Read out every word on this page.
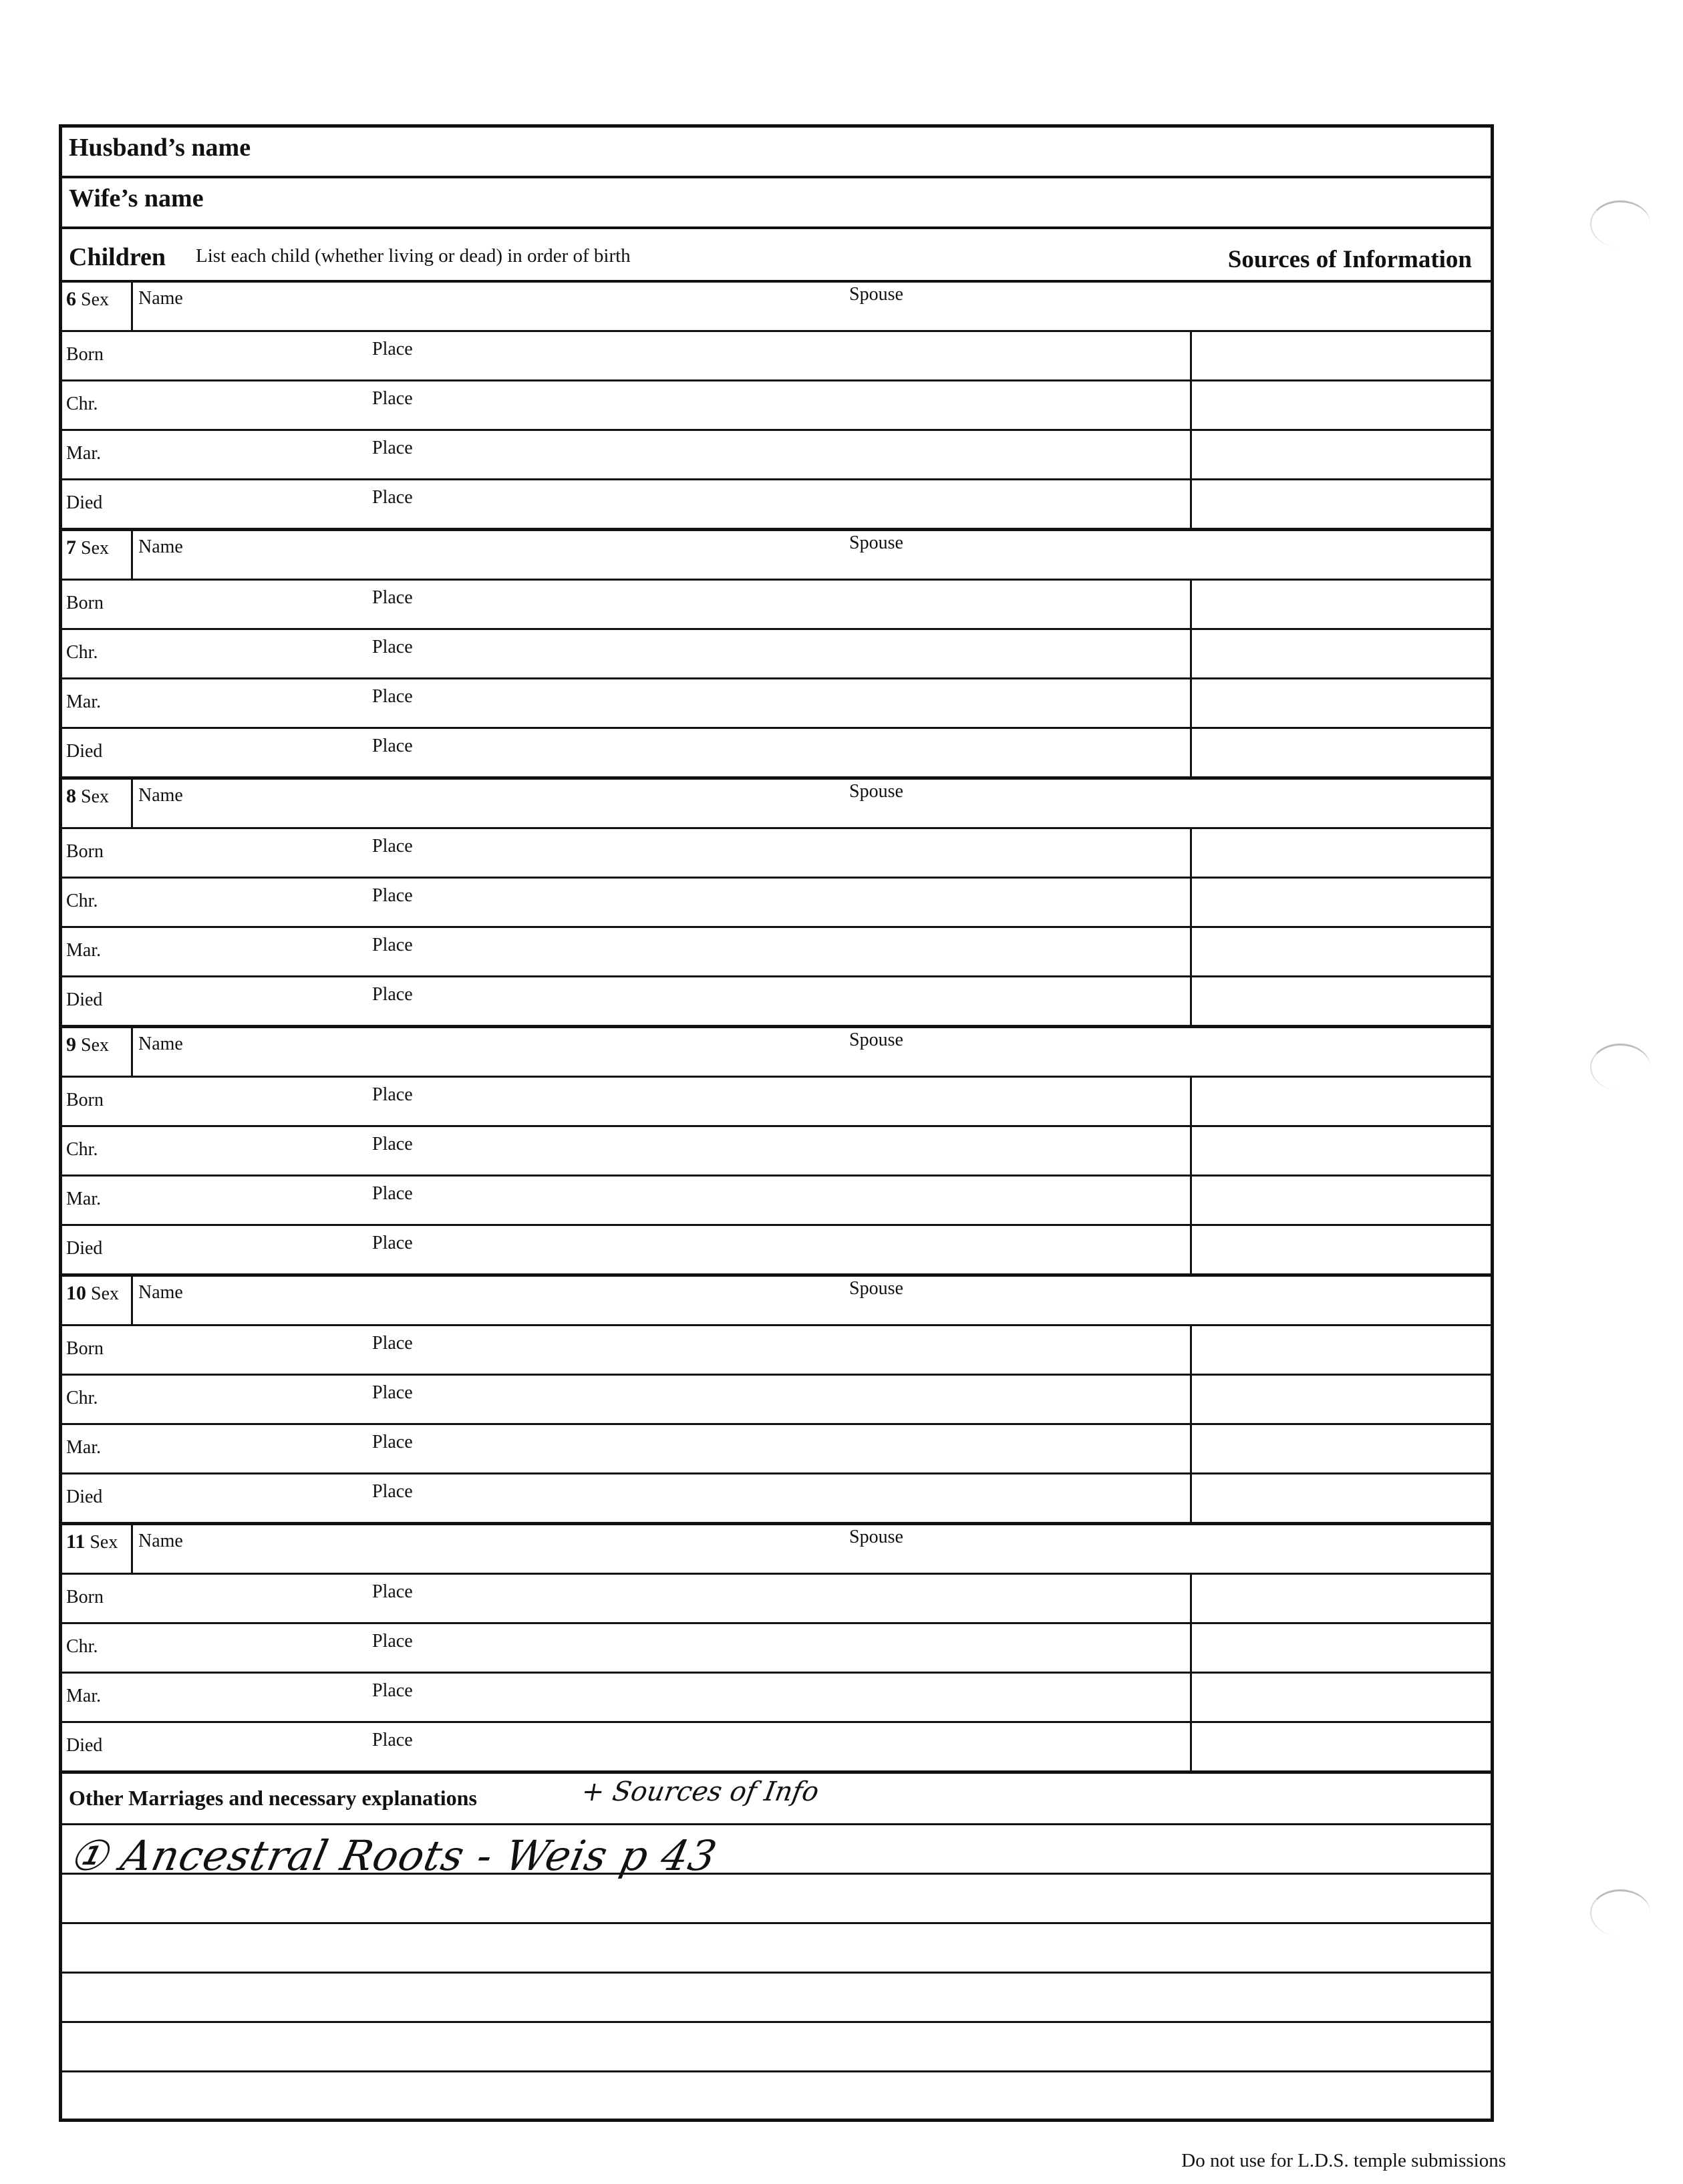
Husband’s name
Wife’s name
Children List each child (whether living or dead) in order of birth	Sources of Information
6 Sex Name	Spouse
Born	Place
Chr.	Place
Mar.	Place
Died	Place
7 Sex Name	Spouse
Born	Place
Chr.	Place
Mar.	Place
Died	Place
8 Sex Name	Spouse
Born	Place
Chr.	Place
Mar.	Place
Died	Place
9 Sex Name	Spouse
Born	Place
Chr.	Place
Mar.	Place
Died	Place
10 Sex Name	Spouse
Born	Place
Chr.	Place
Mar.	Place
Died	Place
11 Sex Name	Spouse
Born	Place
Chr.	Place
Mar.	Place
Died	Place
Other Marriages and necessary explanations	+ Sources of Info
① Ancestral Roots - Weis p 43
Do not use for L.D.S. temple submissions
